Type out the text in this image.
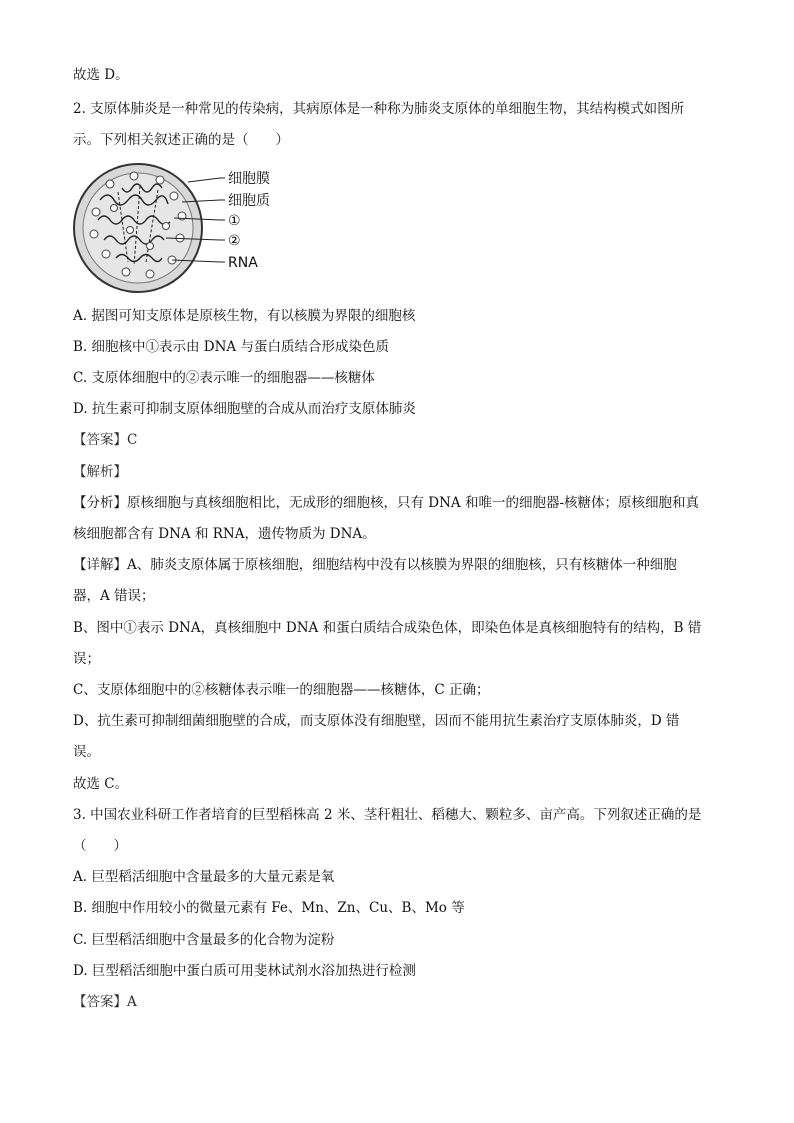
故选 D。
2. 支原体肺炎是一种常见的传染病，其病原体是一种称为肺炎支原体的单细胞生物，其结构模式如图所
示。下列相关叙述正确的是（　　）
细胞膜
细胞质
①
②
RNA
A. 据图可知支原体是原核生物，有以核膜为界限的细胞核
B. 细胞核中①表示由 DNA 与蛋白质结合形成染色质
C. 支原体细胞中的②表示唯一的细胞器——核糖体
D. 抗生素可抑制支原体细胞壁的合成从而治疗支原体肺炎
【答案】C
【解析】
【分析】原核细胞与真核细胞相比，无成形的细胞核，只有 DNA 和唯一的细胞器-核糖体；原核细胞和真
核细胞都含有 DNA 和 RNA，遗传物质为 DNA。
【详解】A、肺炎支原体属于原核细胞，细胞结构中没有以核膜为界限的细胞核，只有核糖体一种细胞
器，A 错误；
B、图中①表示 DNA，真核细胞中 DNA 和蛋白质结合成染色体，即染色体是真核细胞特有的结构，B 错
误；
C、支原体细胞中的②核糖体表示唯一的细胞器——核糖体，C 正确；
D、抗生素可抑制细菌细胞壁的合成，而支原体没有细胞壁，因而不能用抗生素治疗支原体肺炎，D 错
误。
故选 C。
3. 中国农业科研工作者培育的巨型稻株高 2 米、茎秆粗壮、稻穗大、颗粒多、亩产高。下列叙述正确的是
（　　）
A. 巨型稻活细胞中含量最多的大量元素是氧
B. 细胞中作用较小的微量元素有 Fe、Mn、Zn、Cu、B、Mo 等
C. 巨型稻活细胞中含量最多的化合物为淀粉
D. 巨型稻活细胞中蛋白质可用斐林试剂水浴加热进行检测
【答案】A
